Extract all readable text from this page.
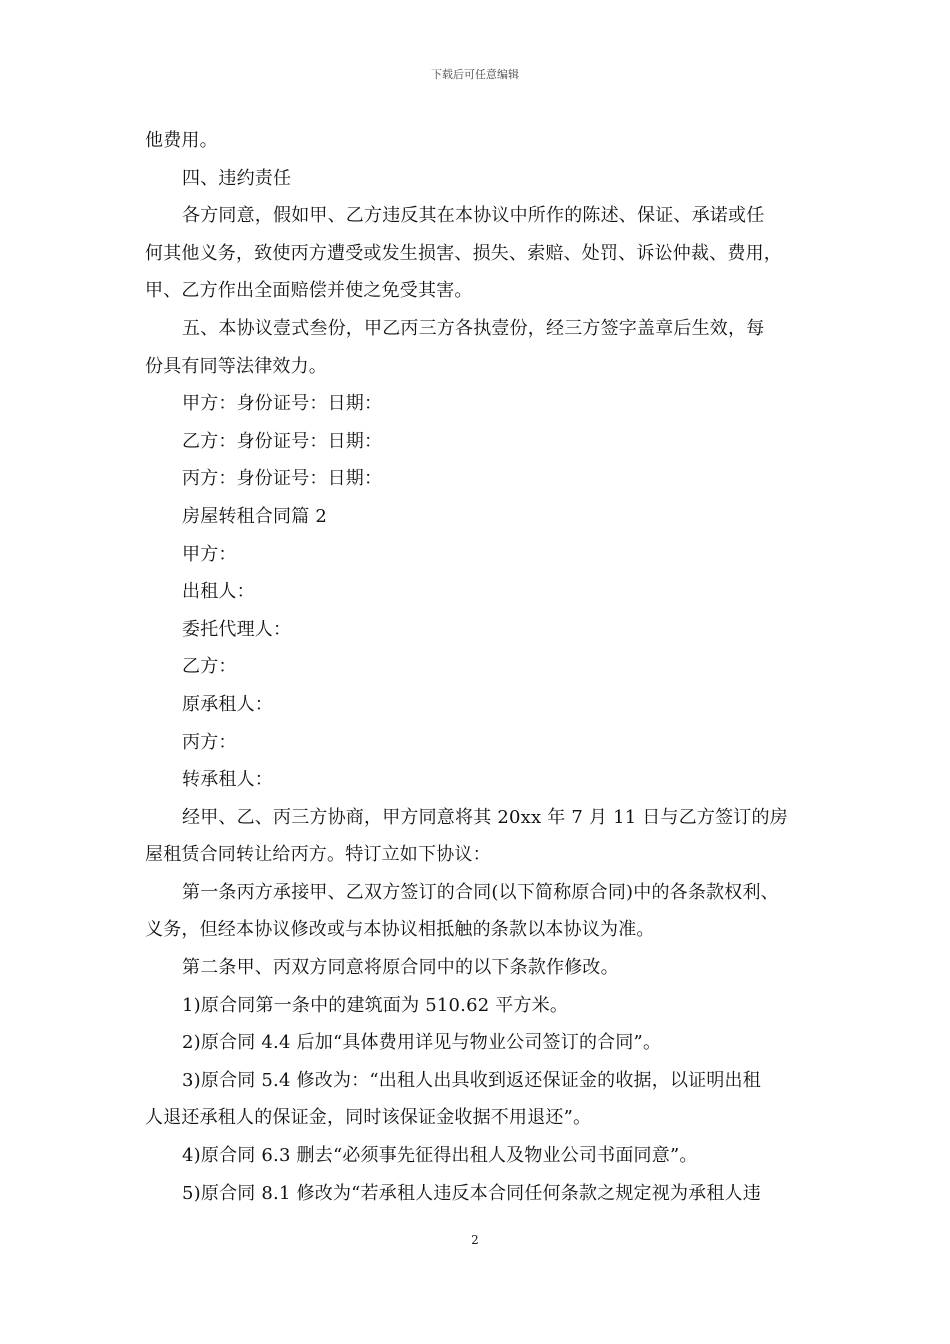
下载后可任意编辑

他费用。

四、违约责任

各方同意，假如甲、乙方违反其在本协议中所作的陈述、保证、承诺或任

何其他义务，致使丙方遭受或发生损害、损失、索赔、处罚、诉讼仲裁、费用，

甲、乙方作出全面赔偿并使之免受其害。

五、本协议壹式叁份，甲乙丙三方各执壹份，经三方签字盖章后生效，每

份具有同等法律效力。

甲方：身份证号：日期：

乙方：身份证号：日期：

丙方：身份证号：日期：

房屋转租合同篇 2

甲方：

出租人：

委托代理人：

乙方：

原承租人：

丙方：

转承租人：

经甲、乙、丙三方协商，甲方同意将其 20xx 年 7 月 11 日与乙方签订的房

屋租赁合同转让给丙方。特订立如下协议：

第一条丙方承接甲、乙双方签订的合同(以下简称原合同)中的各条款权利、

义务，但经本协议修改或与本协议相抵触的条款以本协议为准。

第二条甲、丙双方同意将原合同中的以下条款作修改。

1)原合同第一条中的建筑面为 510.62 平方米。

2)原合同 4.4 后加“具体费用详见与物业公司签订的合同”。

3)原合同 5.4 修改为：“出租人出具收到返还保证金的收据，以证明出租

人退还承租人的保证金，同时该保证金收据不用退还”。

4)原合同 6.3 删去“必须事先征得出租人及物业公司书面同意”。

5)原合同 8.1 修改为“若承租人违反本合同任何条款之规定视为承租人违

2
